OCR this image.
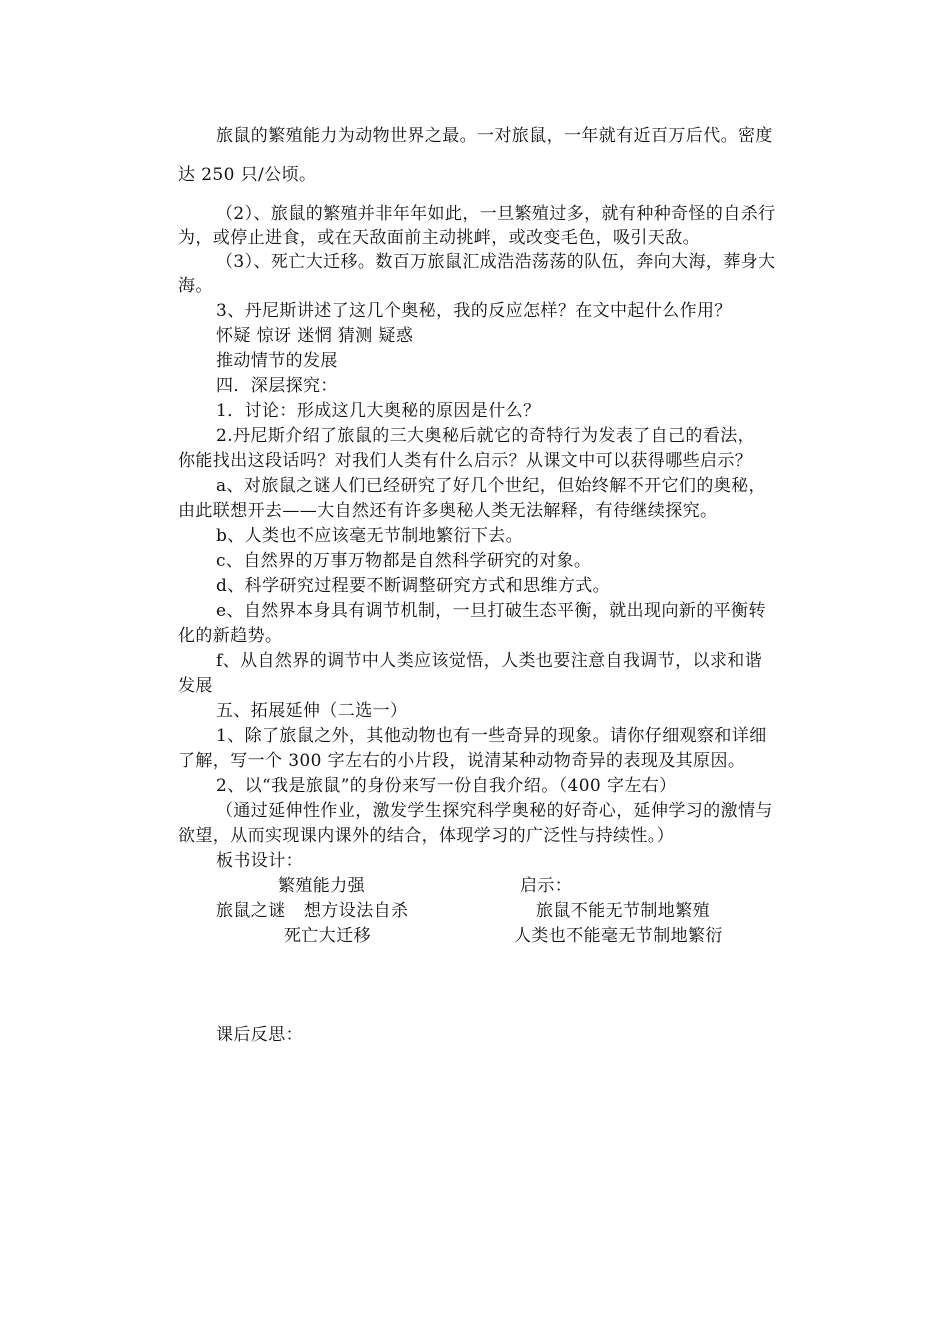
旅鼠的繁殖能力为动物世界之最。一对旅鼠，一年就有近百万后代。密度
达 250 只/公顷。
（2）、旅鼠的繁殖并非年年如此，一旦繁殖过多，就有种种奇怪的自杀行
为，或停止进食，或在天敌面前主动挑衅，或改变毛色，吸引天敌。
（3）、死亡大迁移。数百万旅鼠汇成浩浩荡荡的队伍，奔向大海，葬身大
海。
3、丹尼斯讲述了这几个奥秘，我的反应怎样？在文中起什么作用？
怀疑 惊讶 迷惘 猜测 疑惑
推动情节的发展
四．深层探究：
1．讨论：形成这几大奥秘的原因是什么？
2.丹尼斯介绍了旅鼠的三大奥秘后就它的奇特行为发表了自己的看法，
你能找出这段话吗？对我们人类有什么启示？从课文中可以获得哪些启示？
a、对旅鼠之谜人们已经研究了好几个世纪，但始终解不开它们的奥秘，
由此联想开去——大自然还有许多奥秘人类无法解释，有待继续探究。
b、人类也不应该毫无节制地繁衍下去。
c、自然界的万事万物都是自然科学研究的对象。
d、科学研究过程要不断调整研究方式和思维方式。
e、自然界本身具有调节机制，一旦打破生态平衡，就出现向新的平衡转
化的新趋势。
f、从自然界的调节中人类应该觉悟，人类也要注意自我调节，以求和谐
发展
五、拓展延伸（二选一）
1、除了旅鼠之外，其他动物也有一些奇异的现象。请你仔细观察和详细
了解，写一个 300 字左右的小片段，说清某种动物奇异的表现及其原因。
2、以“我是旅鼠”的身份来写一份自我介绍。（400 字左右）
（通过延伸性作业，激发学生探究科学奥秘的好奇心，延伸学习的激情与
欲望，从而实现课内课外的结合，体现学习的广泛性与持续性。）
板书设计：
繁殖能力强	启示：
旅鼠之谜 想方设法自杀	旅鼠不能无节制地繁殖
死亡大迁移	人类也不能毫无节制地繁衍
课后反思：
